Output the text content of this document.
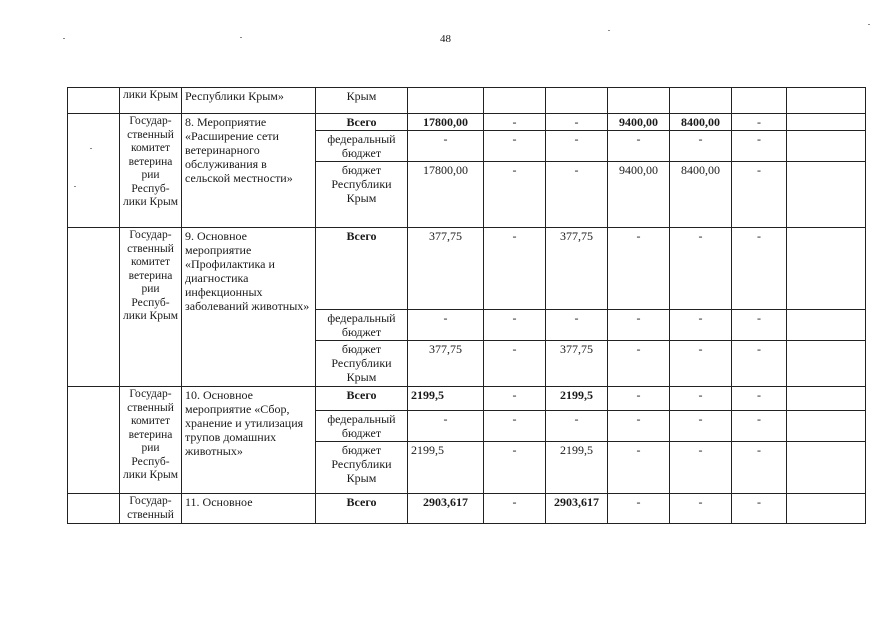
48
	лики Крым	Республики Крым»	Крым							
	Государ-ственный комитет ветерина рии Респуб-лики Крым	8. Мероприятие «Расширение сети ветеринарного обслуживания в сельской местности»	Всего	17800,00	-	-	9400,00	8400,00	-	
			федеральный бюджет	-	-	-	-	-	-	
			бюджет Республики Крым	17800,00	-	-	9400,00	8400,00	-	
	Государ-ственный комитет ветерина рии Респуб-лики Крым	9. Основное мероприятие «Профилактика и диагностика инфекционных заболеваний животных»	Всего	377,75	-	377,75	-	-	-	
			федеральный бюджет	-	-	-	-	-	-	
			бюджет Республики Крым	377,75	-	377,75	-	-	-	
	Государ-ственный комитет ветерина рии Респуб-лики Крым	10. Основное мероприятие «Сбор, хранение и утилизация трупов домашних животных»	Всего	2199,5	-	2199,5	-	-	-	
			федеральный бюджет	-	-	-	-	-	-	
			бюджет Республики Крым	2199,5	-	2199,5	-	-	-	
	Государ-ственный	11. Основное	Всего	2903,617	-	2903,617	-	-	-	
